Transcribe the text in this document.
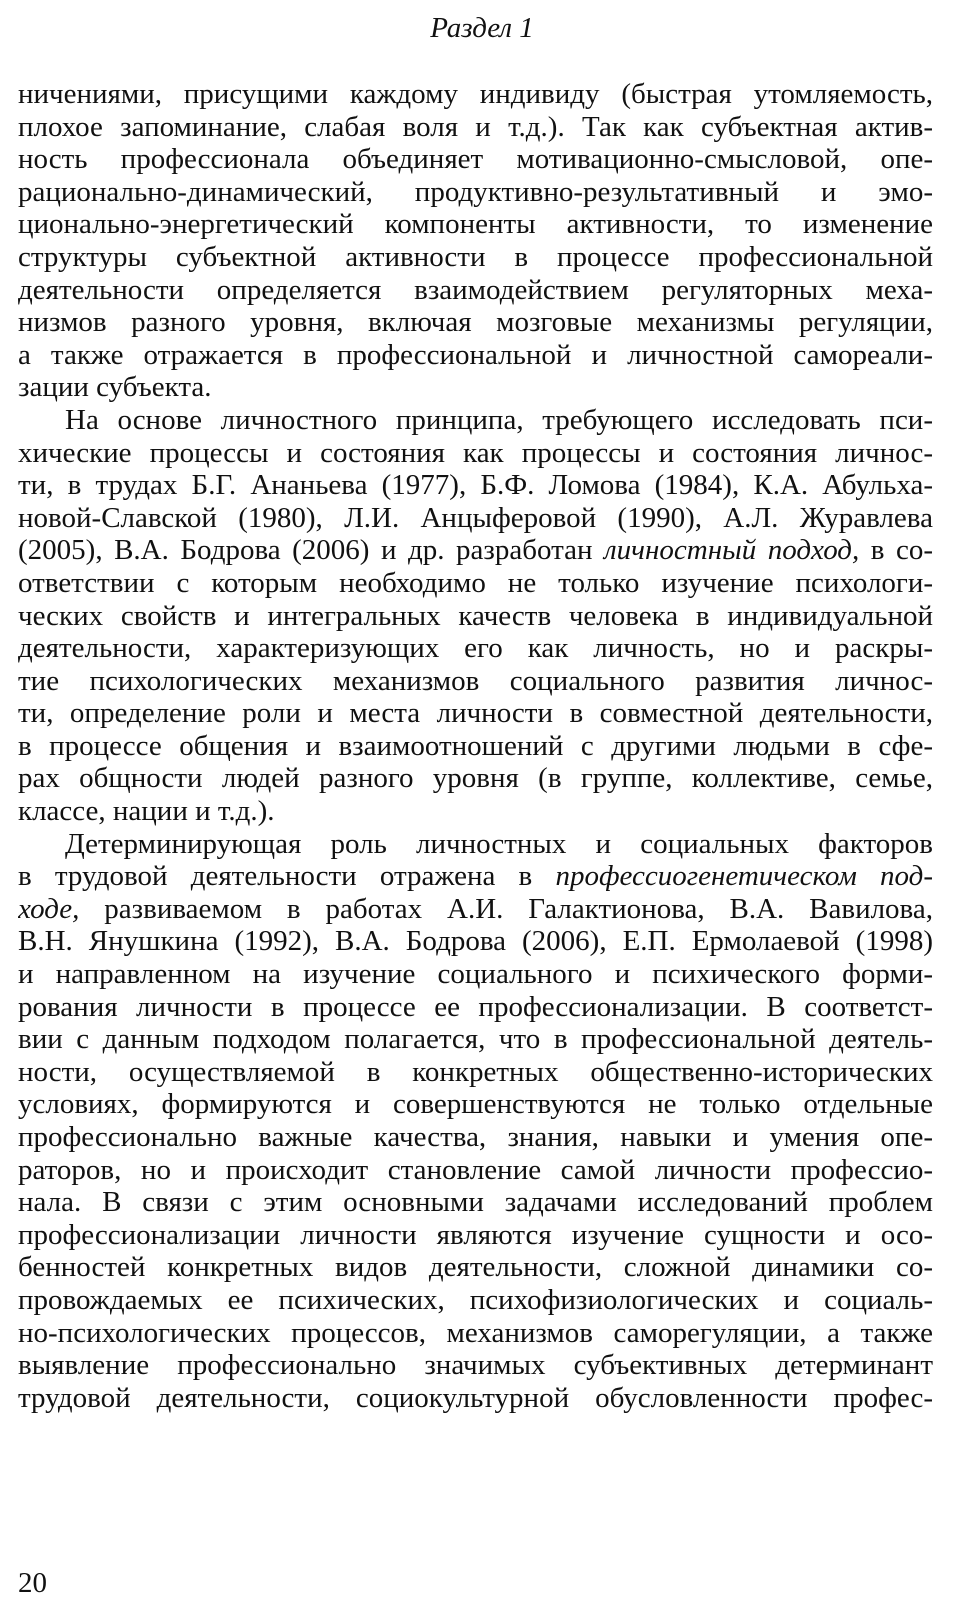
Раздел 1
ничениями, присущими каждому индивиду (быстрая утомляемость,
плохое запоминание, слабая воля и т.д.). Так как субъектная актив-
ность профессионала объединяет мотивационно-смысловой, опе-
рационально-динамический, продуктивно-результативный и эмо-
ционально-энергетический компоненты активности, то изменение
структуры субъектной активности в процессе профессиональной
деятельности определяется взаимодействием регуляторных меха-
низмов разного уровня, включая мозговые механизмы регуляции,
а также отражается в профессиональной и личностной самореали-
зации субъекта.
На основе личностного принципа, требующего исследовать пси-
хические процессы и состояния как процессы и состояния личнос-
ти, в трудах Б.Г. Ананьева (1977), Б.Ф. Ломова (1984), К.А. Абульха-
новой-Славской (1980), Л.И. Анцыферовой (1990), А.Л. Журавлева
(2005), В.А. Бодрова (2006) и др. разработан личностный подход, в со-
ответствии с которым необходимо не только изучение психологи-
ческих свойств и интегральных качеств человека в индивидуальной
деятельности, характеризующих его как личность, но и раскры-
тие психологических механизмов социального развития личнос-
ти, определение роли и места личности в совместной деятельности,
в процессе общения и взаимоотношений с другими людьми в сфе-
рах общности людей разного уровня (в группе, коллективе, семье,
классе, нации и т.д.).
Детерминирующая роль личностных и социальных факторов
в трудовой деятельности отражена в профессиогенетическом под-
ходе, развиваемом в работах А.И. Галактионова, В.А. Вавилова,
В.Н. Янушкина (1992), В.А. Бодрова (2006), Е.П. Ермолаевой (1998)
и направленном на изучение социального и психического форми-
рования личности в процессе ее профессионализации. В соответст-
вии с данным подходом полагается, что в профессиональной деятель-
ности, осуществляемой в конкретных общественно-исторических
условиях, формируются и совершенствуются не только отдельные
профессионально важные качества, знания, навыки и умения опе-
раторов, но и происходит становление самой личности профессио-
нала. В связи с этим основными задачами исследований проблем
профессионализации личности являются изучение сущности и осо-
бенностей конкретных видов деятельности, сложной динамики со-
провождаемых ее психических, психофизиологических и социаль-
но-психологических процессов, механизмов саморегуляции, а также
выявление профессионально значимых субъективных детерминант
трудовой деятельности, социокультурной обусловленности профес-
20
